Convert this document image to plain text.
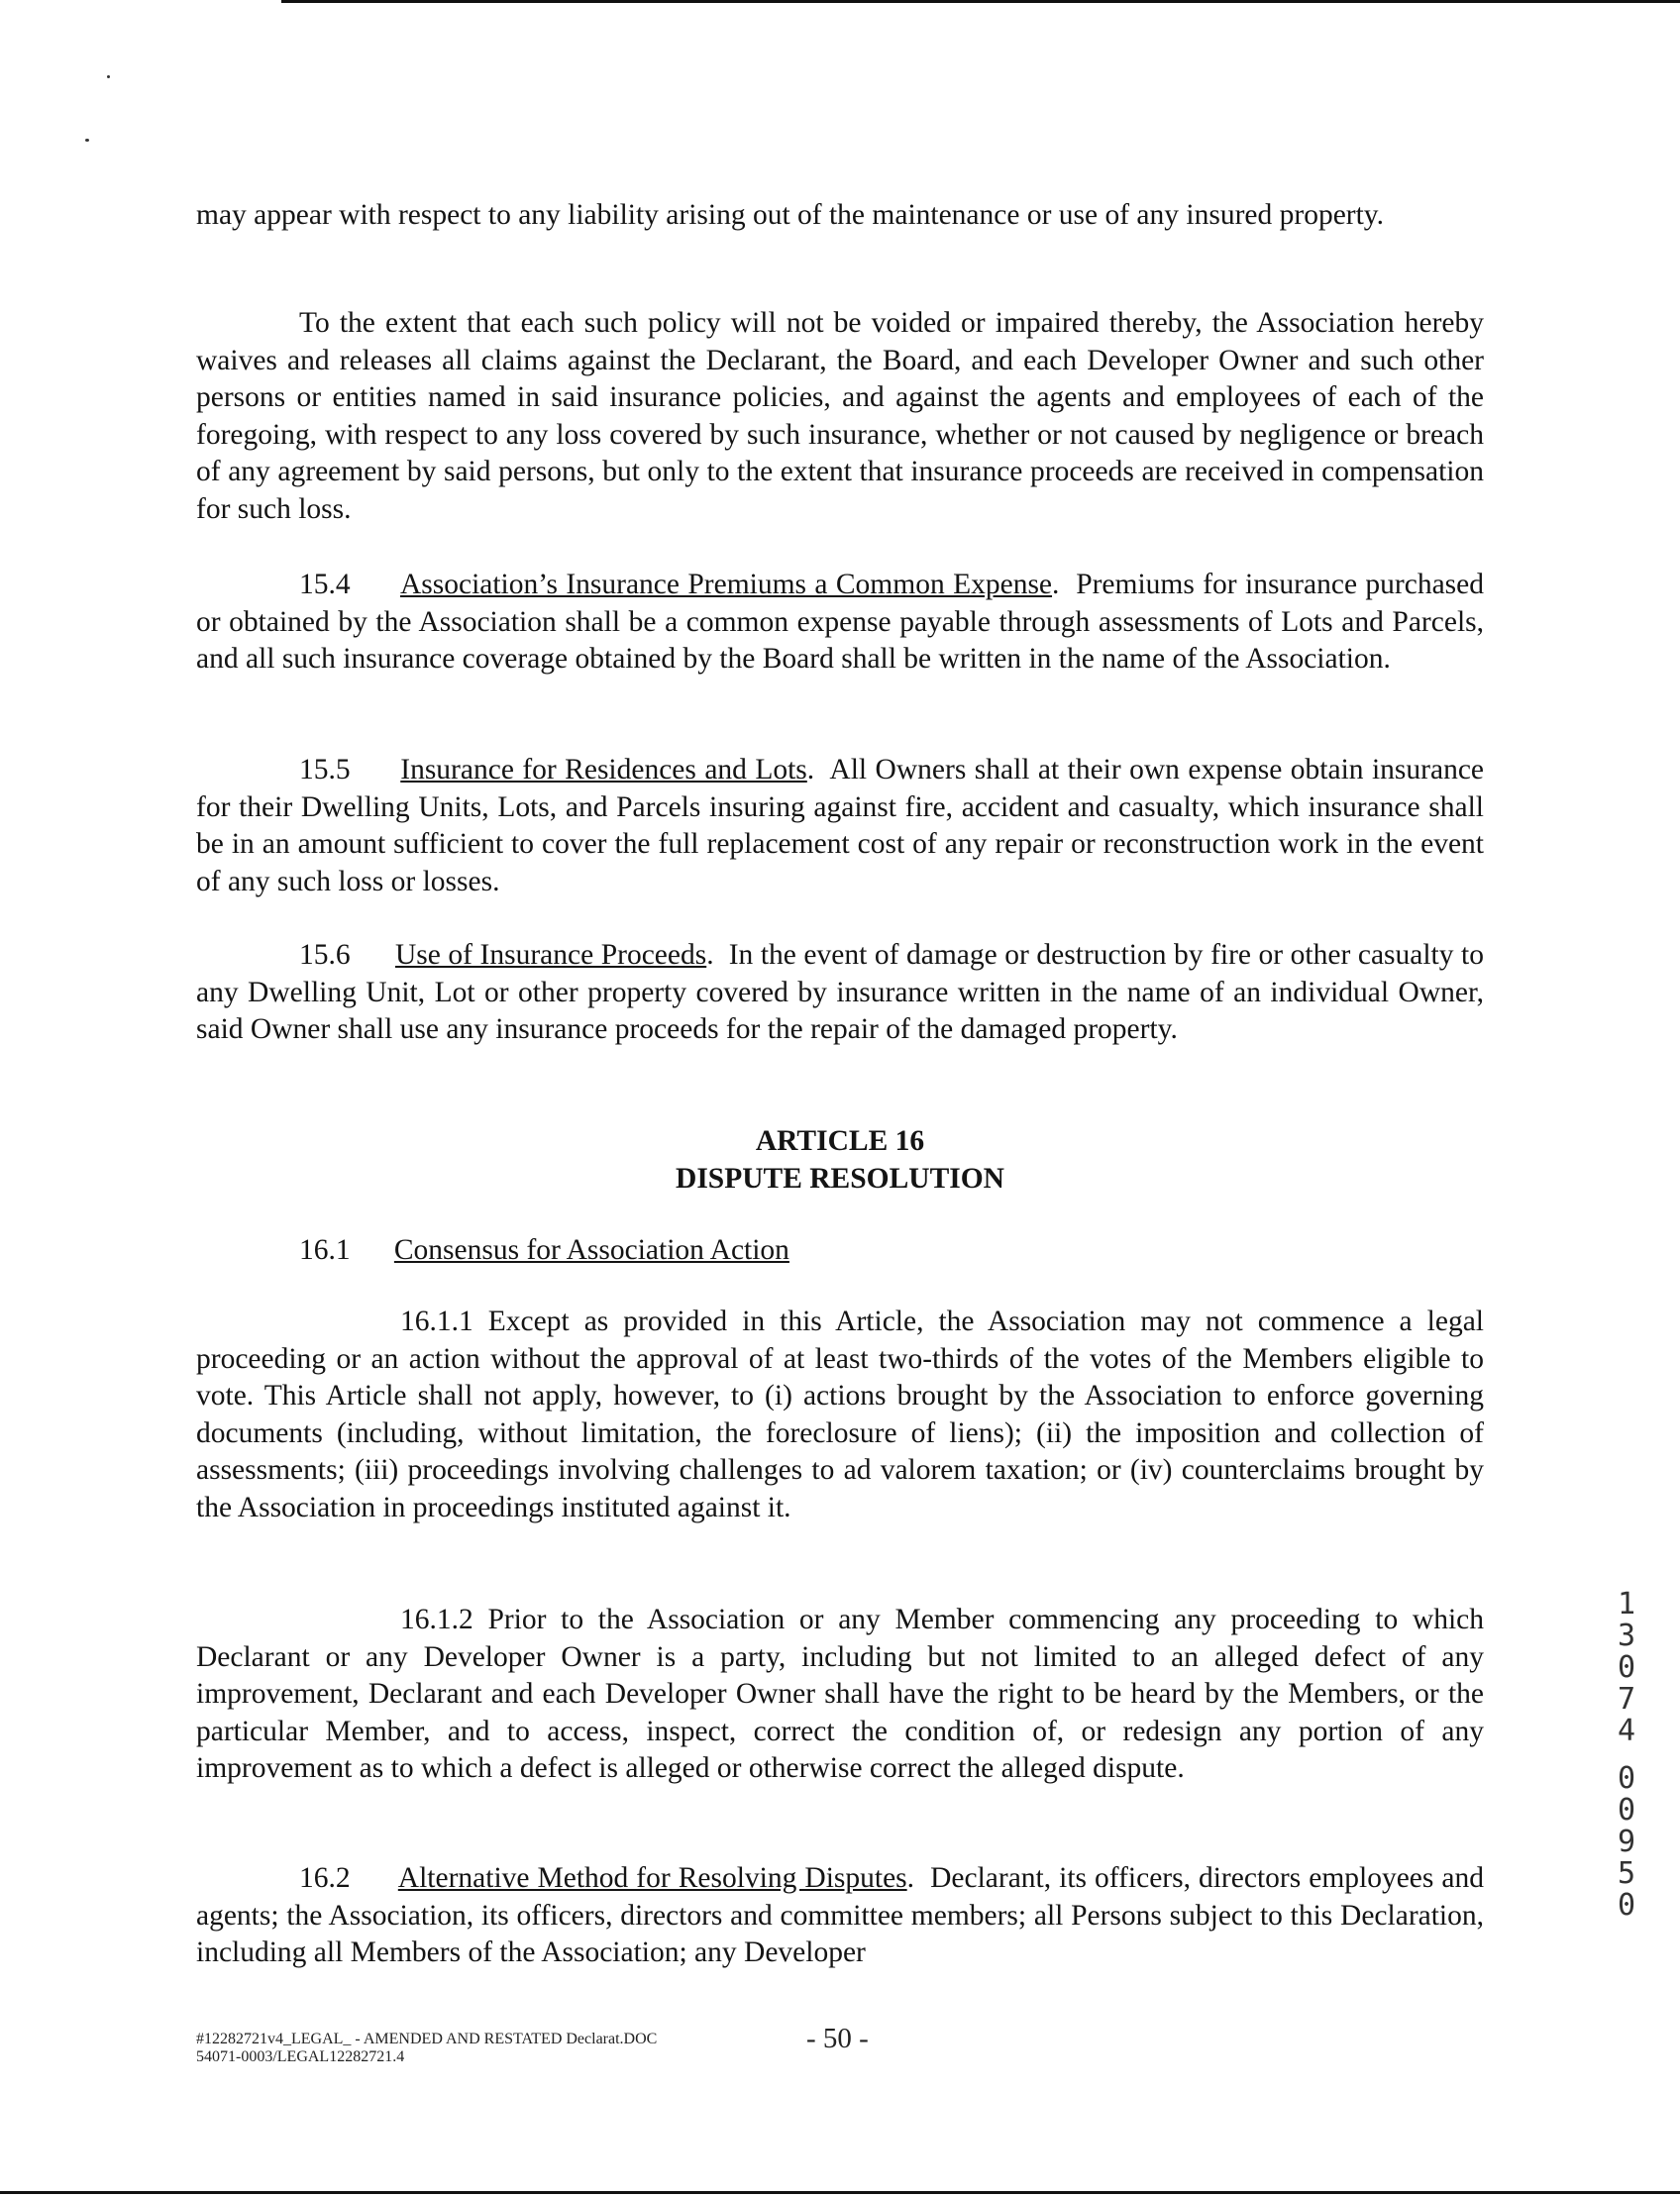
may appear with respect to any liability arising out of the maintenance or use of any insured property.

To the extent that each such policy will not be voided or impaired thereby, the Association hereby waives and releases all claims against the Declarant, the Board, and each Developer Owner and such other persons or entities named in said insurance policies, and against the agents and employees of each of the foregoing, with respect to any loss covered by such insurance, whether or not caused by negligence or breach of any agreement by said persons, but only to the extent that insurance proceeds are received in compensation for such loss.

15.4 Association’s Insurance Premiums a Common Expense.  Premiums for insurance purchased or obtained by the Association shall be a common expense payable through assessments of Lots and Parcels, and all such insurance coverage obtained by the Board shall be written in the name of the Association.

15.5 Insurance for Residences and Lots.  All Owners shall at their own expense obtain insurance for their Dwelling Units, Lots, and Parcels insuring against fire, accident and casualty, which insurance shall be in an amount sufficient to cover the full replacement cost of any repair or reconstruction work in the event of any such loss or losses.

15.6 Use of Insurance Proceeds.  In the event of damage or destruction by fire or other casualty to any Dwelling Unit, Lot or other property covered by insurance written in the name of an individual Owner, said Owner shall use any insurance proceeds for the repair of the damaged property.

ARTICLE 16
DISPUTE RESOLUTION
16.1 Consensus for Association Action

16.1.1 Except as provided in this Article, the Association may not commence a legal proceeding or an action without the approval of at least two-thirds of the votes of the Members eligible to vote. This Article shall not apply, however, to (i) actions brought by the Association to enforce governing documents (including, without limitation, the foreclosure of liens); (ii) the imposition and collection of assessments; (iii) proceedings involving challenges to ad valorem taxation; or (iv) counterclaims brought by the Association in proceedings instituted against it.

16.1.2 Prior to the Association or any Member commencing any proceeding to which Declarant or any Developer Owner is a party, including but not limited to an alleged defect of any improvement, Declarant and each Developer Owner shall have the right to be heard by the Members, or the particular Member, and to access, inspect, correct the condition of, or redesign any portion of any improvement as to which a defect is alleged or otherwise correct the alleged dispute.

16.2 Alternative Method for Resolving Disputes.  Declarant, its officers, directors employees and agents; the Association, its officers, directors and committee members; all Persons subject to this Declaration, including all Members of the Association; any Developer

1
3
0
7
4
0
0
9
5
0
#12282721v4_LEGAL_ - AMENDED AND RESTATED Declarat.DOC
54071-0003/LEGAL12282721.4
- 50 -
